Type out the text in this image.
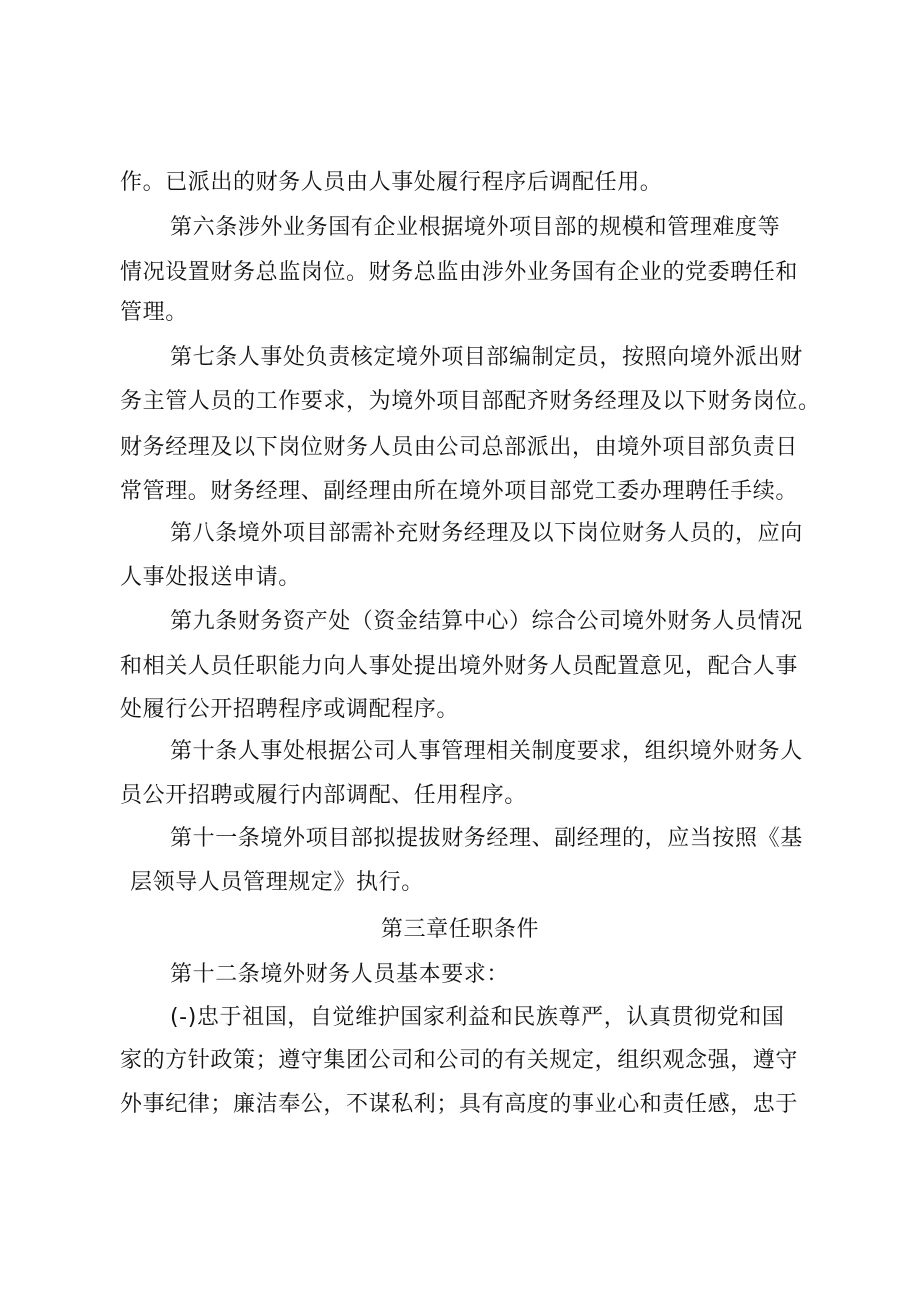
作。已派出的财务人员由人事处履行程序后调配任用。
第六条涉外业务国有企业根据境外项目部的规模和管理难度等
情况设置财务总监岗位。财务总监由涉外业务国有企业的党委聘任和
管理。
第七条人事处负责核定境外项目部编制定员，按照向境外派出财
务主管人员的工作要求，为境外项目部配齐财务经理及以下财务岗位。
财务经理及以下岗位财务人员由公司总部派出，由境外项目部负责日
常管理。财务经理、副经理由所在境外项目部党工委办理聘任手续。
第八条境外项目部需补充财务经理及以下岗位财务人员的，应向
人事处报送申请。
第九条财务资产处（资金结算中心）综合公司境外财务人员情况
和相关人员任职能力向人事处提出境外财务人员配置意见，配合人事
处履行公开招聘程序或调配程序。
第十条人事处根据公司人事管理相关制度要求，组织境外财务人
员公开招聘或履行内部调配、任用程序。
第十一条境外项目部拟提拔财务经理、副经理的，应当按照《基
层领导人员管理规定》执行。
第三章任职条件
第十二条境外财务人员基本要求：
(-)忠于祖国，自觉维护国家利益和民族尊严，认真贯彻党和国
家的方针政策；遵守集团公司和公司的有关规定，组织观念强，遵守
外事纪律；廉洁奉公，不谋私利；具有高度的事业心和责任感，忠于
